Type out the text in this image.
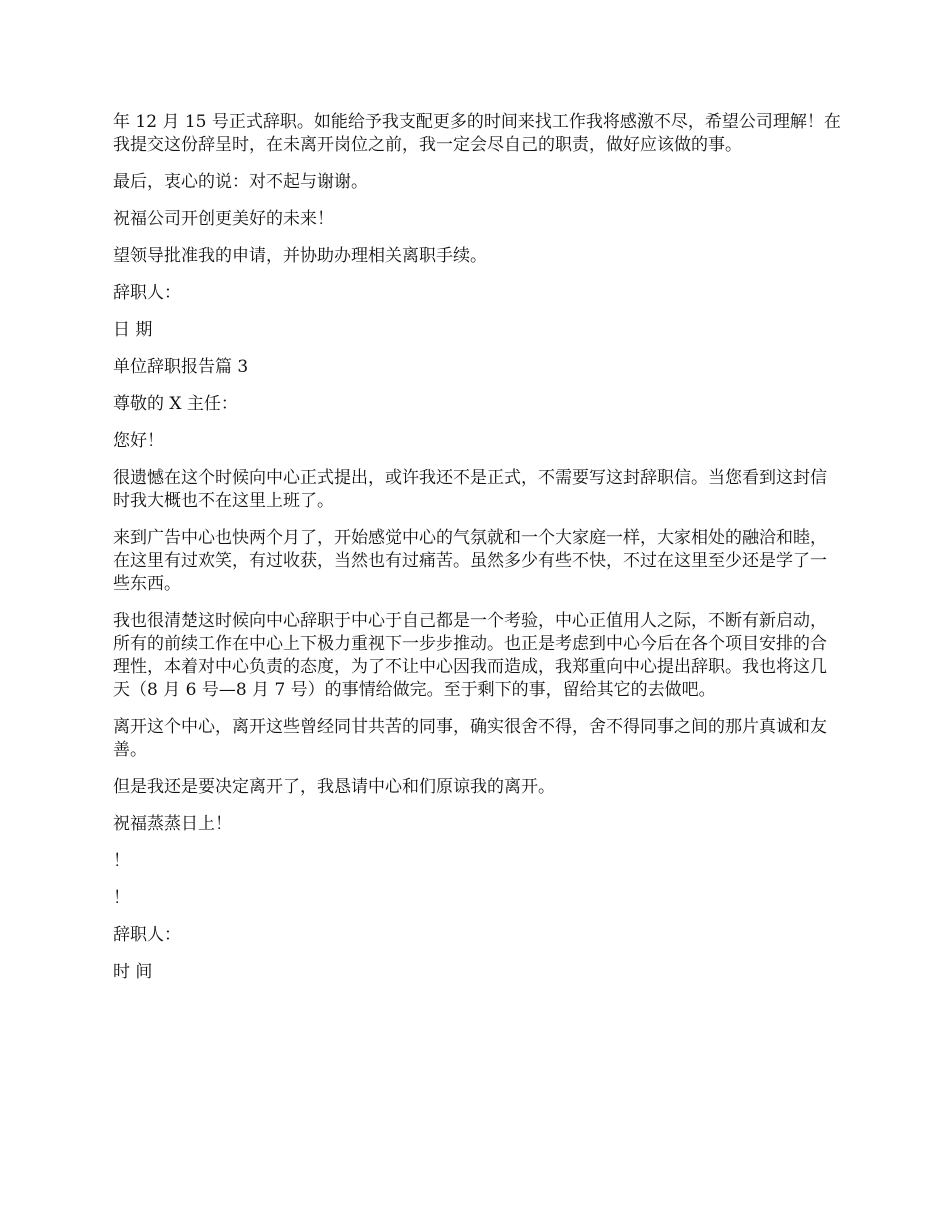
年 12 月 15 号正式辞职。如能给予我支配更多的时间来找工作我将感激不尽，希望公司理解！在我提交这份辞呈时，在未离开岗位之前，我一定会尽自己的职责，做好应该做的事。

最后，衷心的说：对不起与谢谢。

祝福公司开创更美好的未来！

望领导批准我的申请，并协助办理相关离职手续。

辞职人：

日 期

单位辞职报告篇 3

尊敬的 X 主任：

您好！

很遗憾在这个时候向中心正式提出，或许我还不是正式，不需要写这封辞职信。当您看到这封信时我大概也不在这里上班了。

来到广告中心也快两个月了，开始感觉中心的气氛就和一个大家庭一样，大家相处的融洽和睦，在这里有过欢笑，有过收获，当然也有过痛苦。虽然多少有些不快，不过在这里至少还是学了一些东西。

我也很清楚这时候向中心辞职于中心于自己都是一个考验，中心正值用人之际，不断有新启动，所有的前续工作在中心上下极力重视下一步步推动。也正是考虑到中心今后在各个项目安排的合理性，本着对中心负责的态度，为了不让中心因我而造成，我郑重向中心提出辞职。我也将这几天（8 月 6 号—8 月 7 号）的事情给做完。至于剩下的事，留给其它的去做吧。

离开这个中心，离开这些曾经同甘共苦的同事，确实很舍不得，舍不得同事之间的那片真诚和友善。

但是我还是要决定离开了，我恳请中心和们原谅我的离开。

祝福蒸蒸日上！

！

！

辞职人：

时 间
